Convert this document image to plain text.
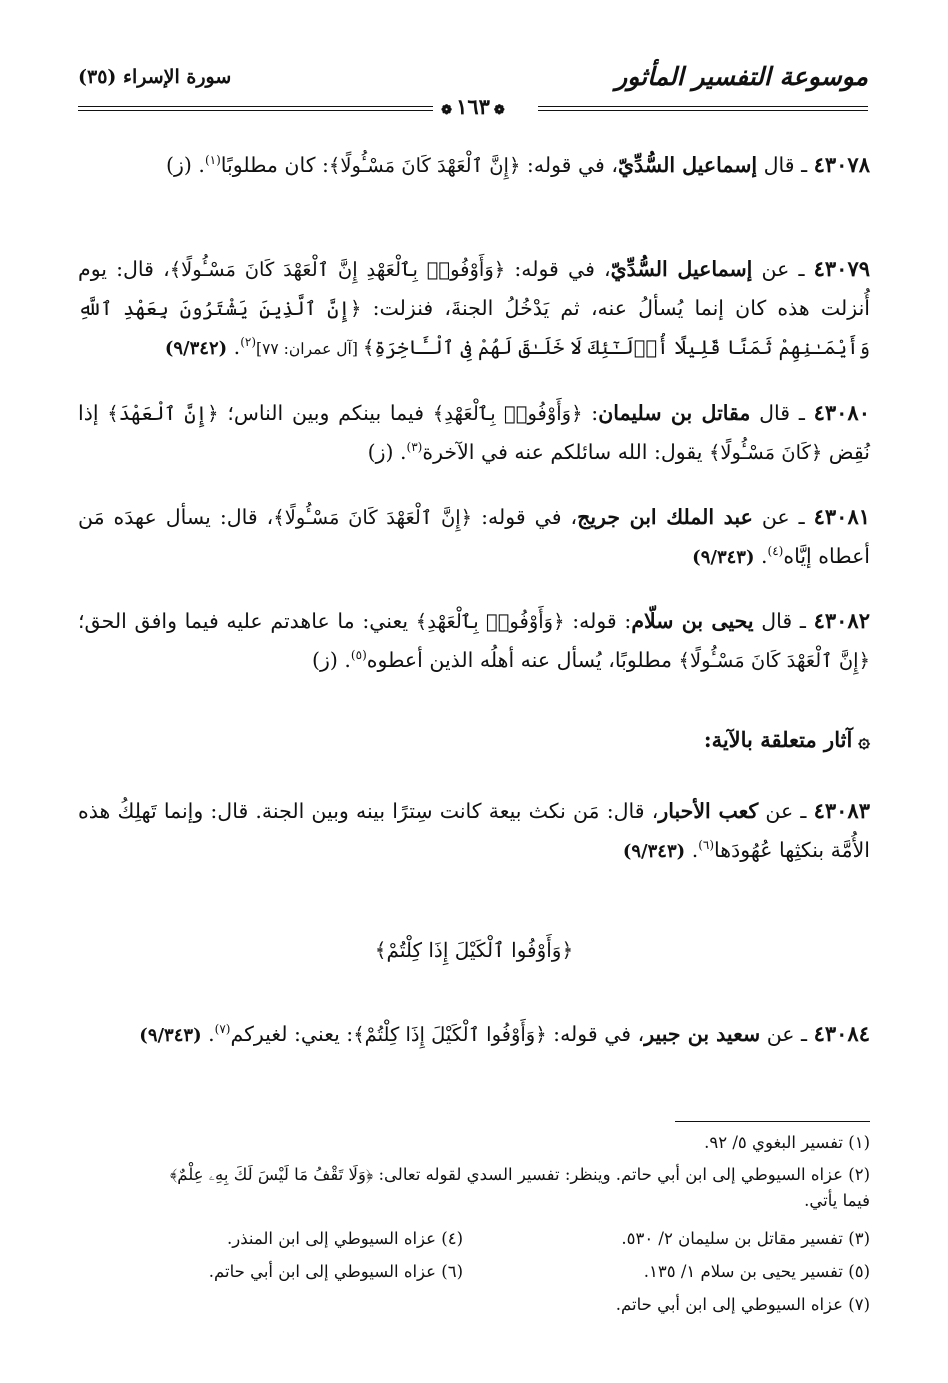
موسوعة التفسير المأثور
سورة الإسراء (٣٥)
❁١٦٣❁
٤٣٠٧٨ ـ قال إسماعيل السُّدِّيّ، في قوله: ﴿إِنَّ ٱلْعَهْدَ كَانَ مَسْـُٔولًا﴾: كان مطلوبًا$^{(١)}$. (ز)
٤٣٠٧٩ ـ عن إسماعيل السُّدِّيّ، في قوله: ﴿وَأَوْفُوا۟ بِٱلْعَهْدِ إِنَّ ٱلْعَهْدَ كَانَ مَسْـُٔولًا﴾، قال: يوم أُنزلت هذه كان إنما يُسألُ عنه، ثم يَدْخُلُ الجنةَ، فنزلت: ﴿إِنَّ ٱلَّذِينَ يَشْتَرُونَ بِعَهْدِ ٱللَّهِ وَأَيْمَـٰنِهِمْ ثَمَنًا قَلِيلًا أُو۟لَـٰٓئِكَ لَا خَلَـٰقَ لَهُمْ فِى ٱلْـَٔاخِرَةِ﴾ [آل عمران: ٧٧]$^{(٢)}$. (٩/٣٤٢)
٤٣٠٨٠ ـ قال مقاتل بن سليمان: ﴿وَأَوْفُوا۟ بِٱلْعَهْدِ﴾ فيما بينكم وبين الناس؛ ﴿إِنَّ ٱلْعَهْدَ﴾ إذا نُقِض ﴿كَانَ مَسْـُٔولًا﴾ يقول: الله سائلكم عنه في الآخرة$^{(٣)}$. (ز)
٤٣٠٨١ ـ عن عبد الملك ابن جريج، في قوله: ﴿إِنَّ ٱلْعَهْدَ كَانَ مَسْـُٔولًا﴾، قال: يسأل عهدَه مَن أعطاه إيَّاه$^{(٤)}$. (٩/٣٤٣)
٤٣٠٨٢ ـ قال يحيى بن سلّام: قوله: ﴿وَأَوْفُوا۟ بِٱلْعَهْدِ﴾ يعني: ما عاهدتم عليه فيما وافق الحق؛ ﴿إِنَّ ٱلْعَهْدَ كَانَ مَسْـُٔولًا﴾ مطلوبًا، يُسأل عنه أهلُه الذين أعطوه$^{(٥)}$. (ز)
۞آثار متعلقة بالآية:
٤٣٠٨٣ ـ عن كعب الأحبار، قال: مَن نكث بيعة كانت سِترًا بينه وبين الجنة. قال: وإنما تَهلِكُ هذه الأُمَّة بنكثِها عُهُودَها$^{(٦)}$. (٩/٣٤٣)
﴿وَأَوْفُوا ٱلْكَيْلَ إِذَا كِلْتُمْ﴾
٤٣٠٨٤ ـ عن سعيد بن جبير، في قوله: ﴿وَأَوْفُوا ٱلْكَيْلَ إِذَا كِلْتُمْ﴾: يعني: لغيركم$^{(٧)}$. (٩/٣٤٣)
(١) تفسير البغوي ٥/ ٩٢.
(٢) عزاه السيوطي إلى ابن أبي حاتم. وينظر: تفسير السدي لقوله تعالى: ﴿وَلَا تَقْفُ مَا لَيْسَ لَكَ بِهِۦ عِلْمٌ﴾
فيما يأتي.
(٣) تفسير مقاتل بن سليمان ٢/ ٥٣٠.
(٤) عزاه السيوطي إلى ابن المنذر.
(٥) تفسير يحيى بن سلام ١/ ١٣٥.
(٦) عزاه السيوطي إلى ابن أبي حاتم.
(٧) عزاه السيوطي إلى ابن أبي حاتم.
